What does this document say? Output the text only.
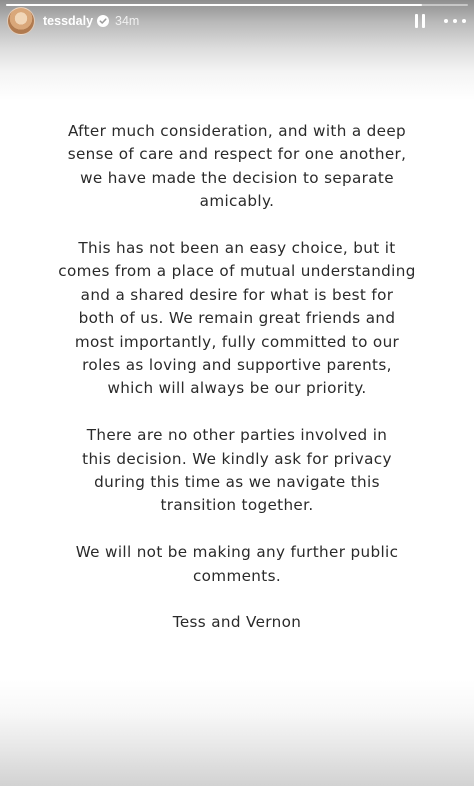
tessdaly 34m
After much consideration, and with a deep
sense of care and respect for one another,
we have made the decision to separate
amicably.
This has not been an easy choice, but it
comes from a place of mutual understanding
and a shared desire for what is best for
both of us. We remain great friends and
most importantly, fully committed to our
roles as loving and supportive parents,
which will always be our priority.
There are no other parties involved in
this decision. We kindly ask for privacy
during this time as we navigate this
transition together.
We will not be making any further public
comments.
Tess and Vernon
